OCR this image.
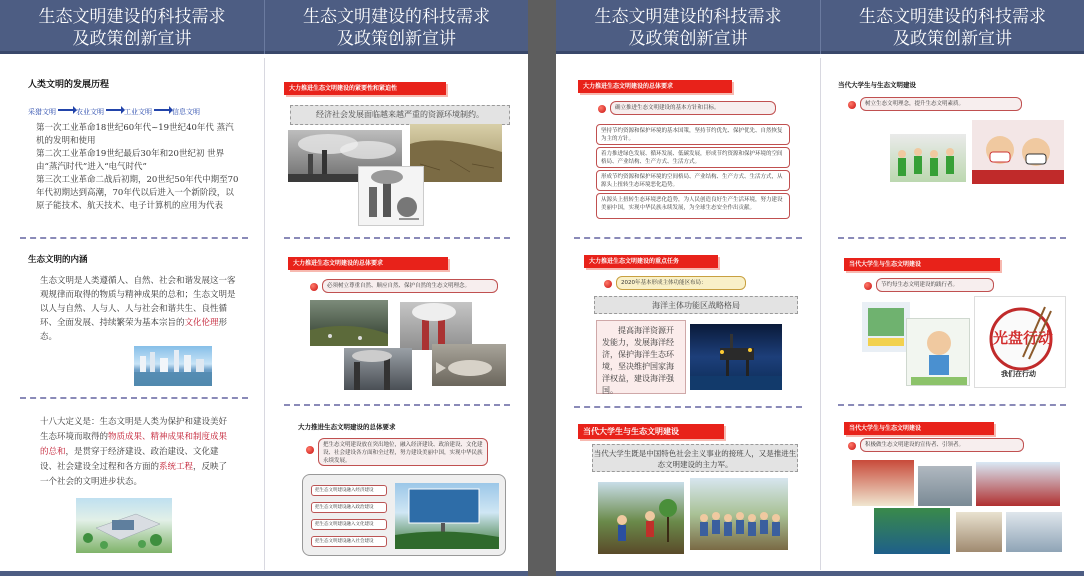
生态文明建设的科技需求
及政策创新宣讲
生态文明建设的科技需求
及政策创新宣讲
人类文明的发展历程
采猎文明	农业文明	工业文明	信息文明
第一次工业革命18世纪60年代~19世纪40年代 蒸汽机的发明和使用
第二次工业革命19世纪最后30年和20世纪初 世界由“蒸汽时代”进入“电气时代”
第三次工业革命二战后初期，20世纪50年代中期至70年代初期达到高潮，70年代以后进入一个新阶段，以原子能技术、航天技术、电子计算机的应用为代表
生态文明的内涵
生态文明是人类遵循人、自然、社会和谐发展这一客观规律而取得的物质与精神成果的总和；生态文明是以人与自然、人与人、人与社会和谐共生、良性循环、全面发展、持续繁荣为基本宗旨的文化伦理形态。
十八大定义是：生态文明是人类为保护和建设美好生态环境而取得的物质成果、精神成果和制度成果的总和，是贯穿于经济建设、政治建设、文化建设、社会建设全过程和各方面的系统工程，反映了一个社会的文明进步状态。
大力推进生态文明建设的紧要性和紧迫性
经济社会发展面临越来越严重的资源环境制约。
大力推进生态文明建设的总体要求
必须树立尊重自然、顺应自然、保护自然的生态文明理念。
大力推进生态文明建设的总体要求
把生态文明建设放在突出地位，融入经济建设、政治建设、文化建设、社会建设各方面和全过程，努力建设美丽中国，实现中华民族永续发展。
把生态文明建设融入经济建设
把生态文明建设融入政治建设
把生态文明建设融入文化建设
把生态文明建设融入社会建设
生态文明建设的科技需求
及政策创新宣讲
生态文明建设的科技需求
及政策创新宣讲
大力推进生态文明建设的总体要求
确立推进生态文明建设的基本方针和目标。
坚持节约资源和保护环境的基本国策，坚持节约优先、保护优先、自然恢复为主的方针。
着力推进绿色发展、循环发展、低碳发展，形成节约资源和保护环境的空间格局、产业结构、生产方式、生活方式。
形成节约资源和保护环境的空间格局、产业结构、生产方式、生活方式，从源头上扭转生态环境恶化趋势。
从源头上扭转生态环境恶化趋势，为人民创造良好生产生活环境，努力建设美丽中国，实现中华民族永续发展，为全球生态安全作出贡献。
大力推进生态文明建设的重点任务
2020年基本形成主体功能区布局：
海洋主体功能区战略格局
提高海洋资源开发能力，发展海洋经济，保护海洋生态环境，坚决维护国家海洋权益，建设海洋强国。
当代大学生与生态文明建设
当代大学生既是中国特色社会主义事业的接班人，又是推进生态文明建设的主力军。
当代大学生与生态文明建设
树立生态文明理念，提升生态文明素质。
当代大学生与生态文明建设
节约每生态文明建设的践行者。
光盘行动
我们在行动
当代大学生与生态文明建设
积极做生态文明建设的宣传者、引领者。
